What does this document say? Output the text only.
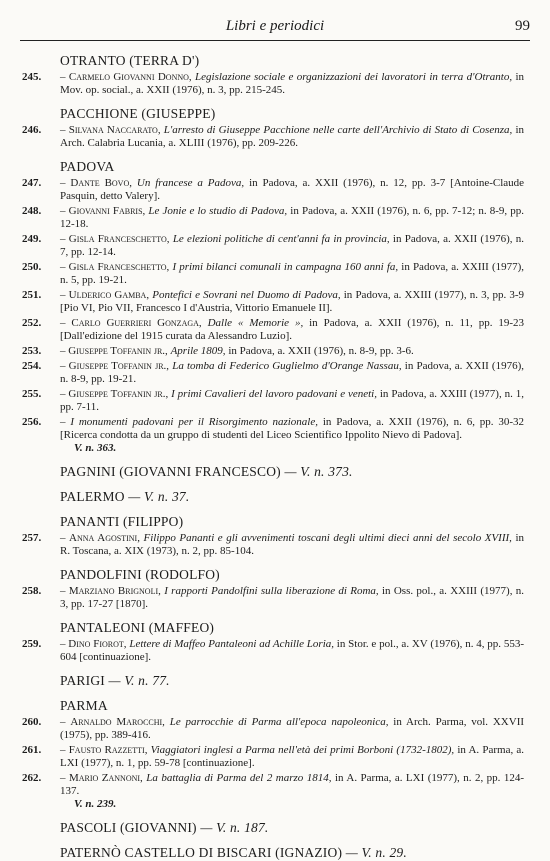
Libri e periodici	99
OTRANTO (TERRA D')
245. – Carmelo Giovanni Donno, Legislazione sociale e organizzazioni dei lavoratori in terra d'Otranto, in Mov. op. social., a. XXII (1976), n. 3, pp. 215-245.
PACCHIONE (GIUSEPPE)
246. – Silvana Naccarato, L'arresto di Giuseppe Pacchione nelle carte dell'Archivio di Stato di Cosenza, in Arch. Calabria Lucania, a. XLIII (1976), pp. 209-226.
PADOVA
247. – Dante Bovo, Un francese a Padova, in Padova, a. XXII (1976), n. 12, pp. 3-7 [Antoine-Claude Pasquin, detto Valery].
248. – Giovanni Fabris, Le Jonie e lo studio di Padova, in Padova, a. XXII (1976), n. 6, pp. 7-12; n. 8-9, pp. 12-18.
249. – Gisla Franceschetto, Le elezioni politiche di cent'anni fa in provincia, in Padova, a. XXII (1976), n. 7, pp. 12-14.
250. – Gisla Franceschetto, I primi bilanci comunali in campagna 160 anni fa, in Padova, a. XXIII (1977), n. 5, pp. 19-21.
251. – Ulderico Gamba, Pontefici e Sovrani nel Duomo di Padova, in Padova, a. XXIII (1977), n. 3, pp. 3-9 [Pio VI, Pio VII, Francesco I d'Austria, Vittorio Emanuele II].
252. – Carlo Guerrieri Gonzaga, Dalle « Memorie », in Padova, a. XXII (1976), n. 11, pp. 19-23 [Dall'edizione del 1915 curata da Alessandro Luzio].
253. – Giuseppe Toffanin jr., Aprile 1809, in Padova, a. XXII (1976), n. 8-9, pp. 3-6.
254. – Giuseppe Toffanin jr., La tomba di Federico Guglielmo d'Orange Nassau, in Padova, a. XXII (1976), n. 8-9, pp. 19-21.
255. – Giuseppe Toffanin jr., I primi Cavalieri del lavoro padovani e veneti, in Padova, a. XXIII (1977), n. 1, pp. 7-11.
256. – I monumenti padovani per il Risorgimento nazionale, in Padova, a. XXII (1976), n. 6, pp. 30-32 [Ricerca condotta da un gruppo di studenti del Liceo Scientifico Ippolito Nievo di Padova].
V. n. 363.
PAGNINI (GIOVANNI FRANCESCO) — V. n. 373.
PALERMO — V. n. 37.
PANANTI (FILIPPO)
257. – Anna Agostini, Filippo Pananti e gli avvenimenti toscani degli ultimi dieci anni del secolo XVIII, in R. Toscana, a. XIX (1973), n. 2, pp. 85-104.
PANDOLFINI (RODOLFO)
258. – Marziano Brignoli, I rapporti Pandolfini sulla liberazione di Roma, in Oss. pol., a. XXIII (1977), n. 3, pp. 17-27 [1870].
PANTALEONI (MAFFEO)
259. – Dino Fiorot, Lettere di Maffeo Pantaleoni ad Achille Loria, in Stor. e pol., a. XV (1976), n. 4, pp. 553-604 [continuazione].
PARIGI — V. n. 77.
PARMA
260. – Arnaldo Marocchi, Le parrocchie di Parma all'epoca napoleonica, in Arch. Parma, vol. XXVII (1975), pp. 389-416.
261. – Fausto Razzetti, Viaggiatori inglesi a Parma nell'età dei primi Borboni (1732-1802), in A. Parma, a. LXI (1977), n. 1, pp. 59-78 [continuazione].
262. – Mario Zannoni, La battaglia di Parma del 2 marzo 1814, in A. Parma, a. LXI (1977), n. 2, pp. 124-137.
V. n. 239.
PASCOLI (GIOVANNI) — V. n. 187.
PATERNÒ CASTELLO DI BISCARI (IGNAZIO) — V. n. 29.
